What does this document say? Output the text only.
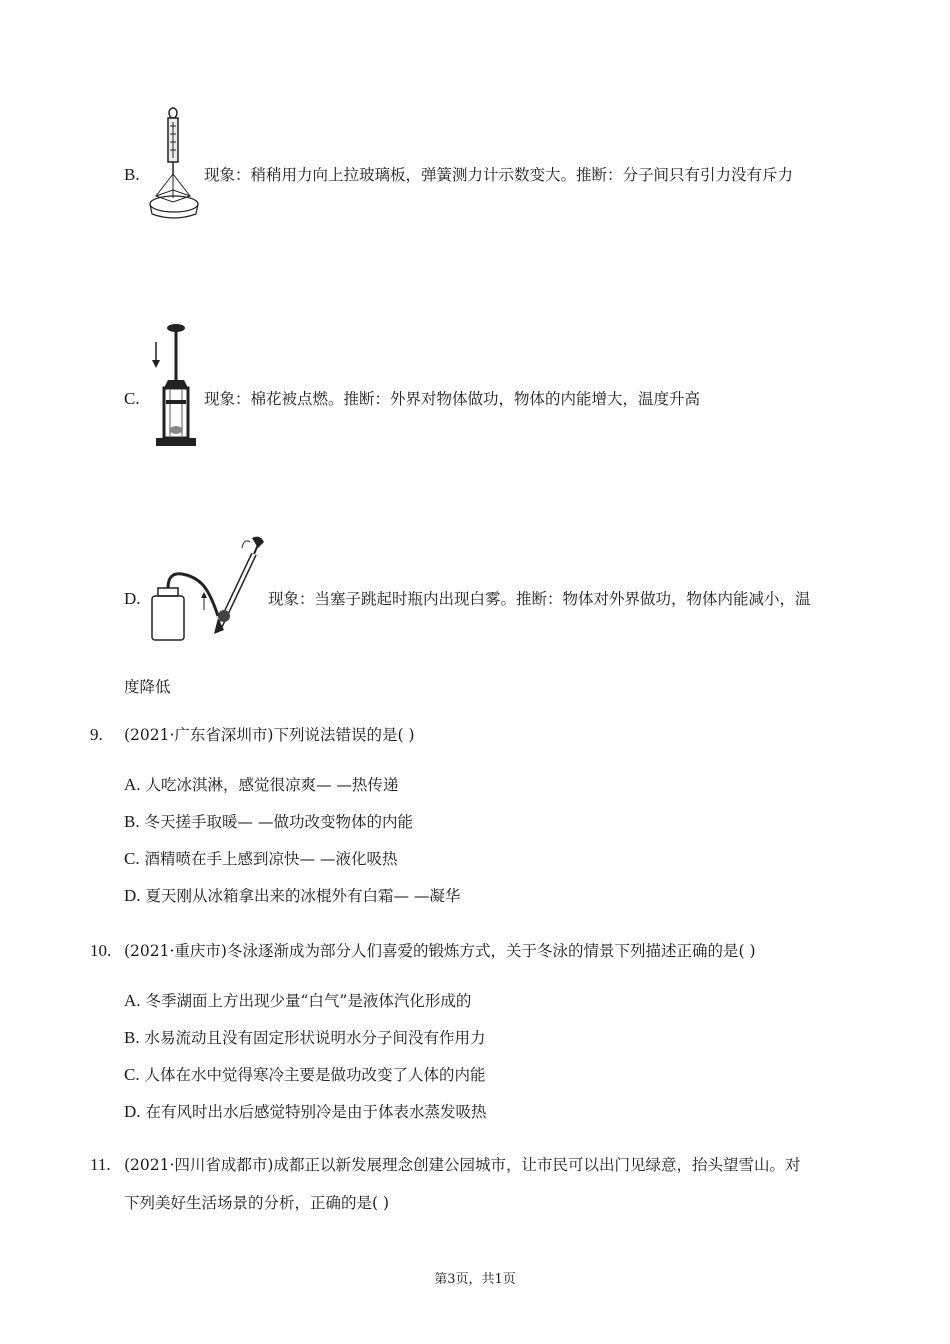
B.	现象：稍稍用力向上拉玻璃板，弹簧测力计示数变大。推断：分子间只有引力没有斥力
C.	现象：棉花被点燃。推断：外界对物体做功，物体的内能增大，温度升高
D.	现象：当塞子跳起时瓶内出现白雾。推断：物体对外界做功，物体内能减小，温
度降低
9. (2021·广东省深圳市)下列说法错误的是( )
A. 人吃冰淇淋，感觉很凉爽— —热传递
B. 冬天搓手取暖— —做功改变物体的内能
C. 酒精喷在手上感到凉快— —液化吸热
D. 夏天刚从冰箱拿出来的冰棍外有白霜— —凝华
10. (2021·重庆市)冬泳逐渐成为部分人们喜爱的锻炼方式，关于冬泳的情景下列描述正确的是( )
A. 冬季湖面上方出现少量“白气”是液体汽化形成的
B. 水易流动且没有固定形状说明水分子间没有作用力
C. 人体在水中觉得寒冷主要是做功改变了人体的内能
D. 在有风时出水后感觉特别冷是由于体表水蒸发吸热
11. (2021·四川省成都市)成都正以新发展理念创建公园城市，让市民可以出门见绿意，抬头望雪山。对
下列美好生活场景的分析，正确的是( )
第3页，共1页
